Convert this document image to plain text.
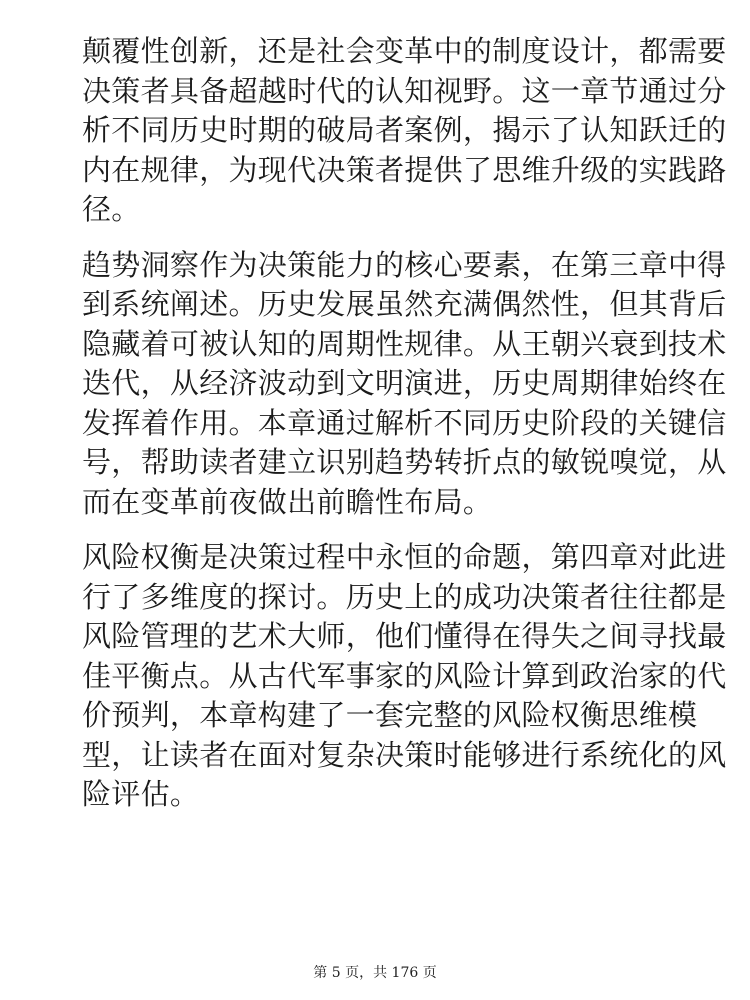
颠覆性创新，还是社会变革中的制度设计，都需要
决策者具备超越时代的认知视野。这一章节通过分
析不同历史时期的破局者案例，揭示了认知跃迁的
内在规律，为现代决策者提供了思维升级的实践路
径。

趋势洞察作为决策能力的核心要素，在第三章中得
到系统阐述。历史发展虽然充满偶然性，但其背后
隐藏着可被认知的周期性规律。从王朝兴衰到技术
迭代，从经济波动到文明演进，历史周期律始终在
发挥着作用。本章通过解析不同历史阶段的关键信
号，帮助读者建立识别趋势转折点的敏锐嗅觉，从
而在变革前夜做出前瞻性布局。

风险权衡是决策过程中永恒的命题，第四章对此进
行了多维度的探讨。历史上的成功决策者往往都是
风险管理的艺术大师，他们懂得在得失之间寻找最
佳平衡点。从古代军事家的风险计算到政治家的代
价预判，本章构建了一套完整的风险权衡思维模
型，让读者在面对复杂决策时能够进行系统化的风
险评估。

第 5 页，共 176 页
